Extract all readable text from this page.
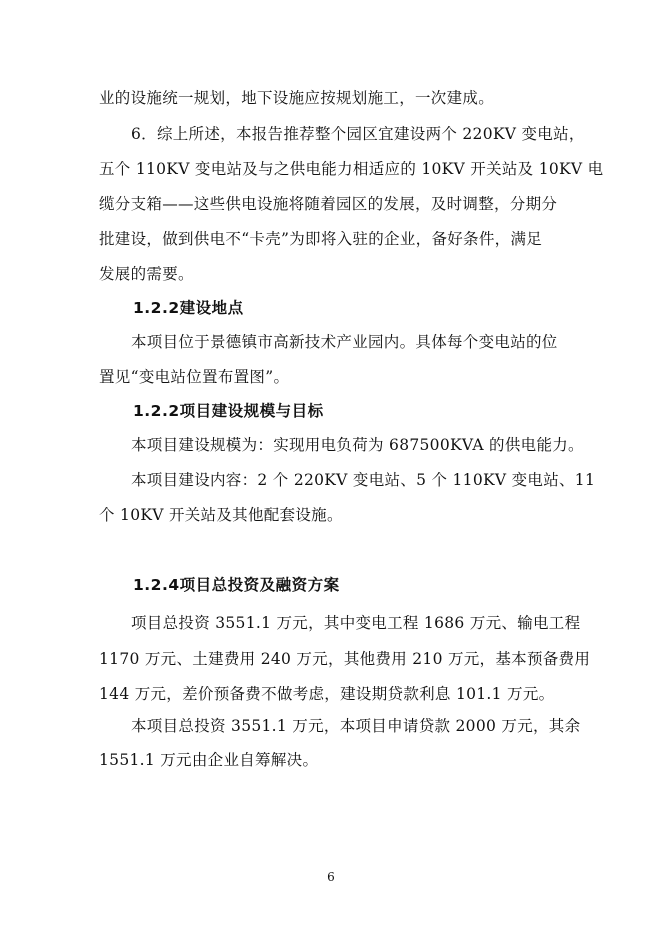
业的设施统一规划，地下设施应按规划施工，一次建成。
6．综上所述，本报告推荐整个园区宜建设两个 220KV 变电站，
五个 110KV 变电站及与之供电能力相适应的 10KV 开关站及 10KV 电
缆分支箱——这些供电设施将随着园区的发展，及时调整，分期分
批建设，做到供电不“卡壳”为即将入驻的企业，备好条件，满足
发展的需要。
1.2.2建设地点
本项目位于景德镇市高新技术产业园内。具体每个变电站的位
置见“变电站位置布置图”。
1.2.2项目建设规模与目标
本项目建设规模为：实现用电负荷为 687500KVA 的供电能力。
本项目建设内容：2 个 220KV 变电站、5 个 110KV 变电站、11
个 10KV 开关站及其他配套设施。
1.2.4项目总投资及融资方案
项目总投资 3551.1 万元，其中变电工程 1686 万元、输电工程
1170 万元、土建费用 240 万元，其他费用 210 万元，基本预备费用
144 万元，差价预备费不做考虑，建设期贷款利息 101.1 万元。
本项目总投资 3551.1 万元，本项目申请贷款 2000 万元，其余
1551.1 万元由企业自筹解决。
6
